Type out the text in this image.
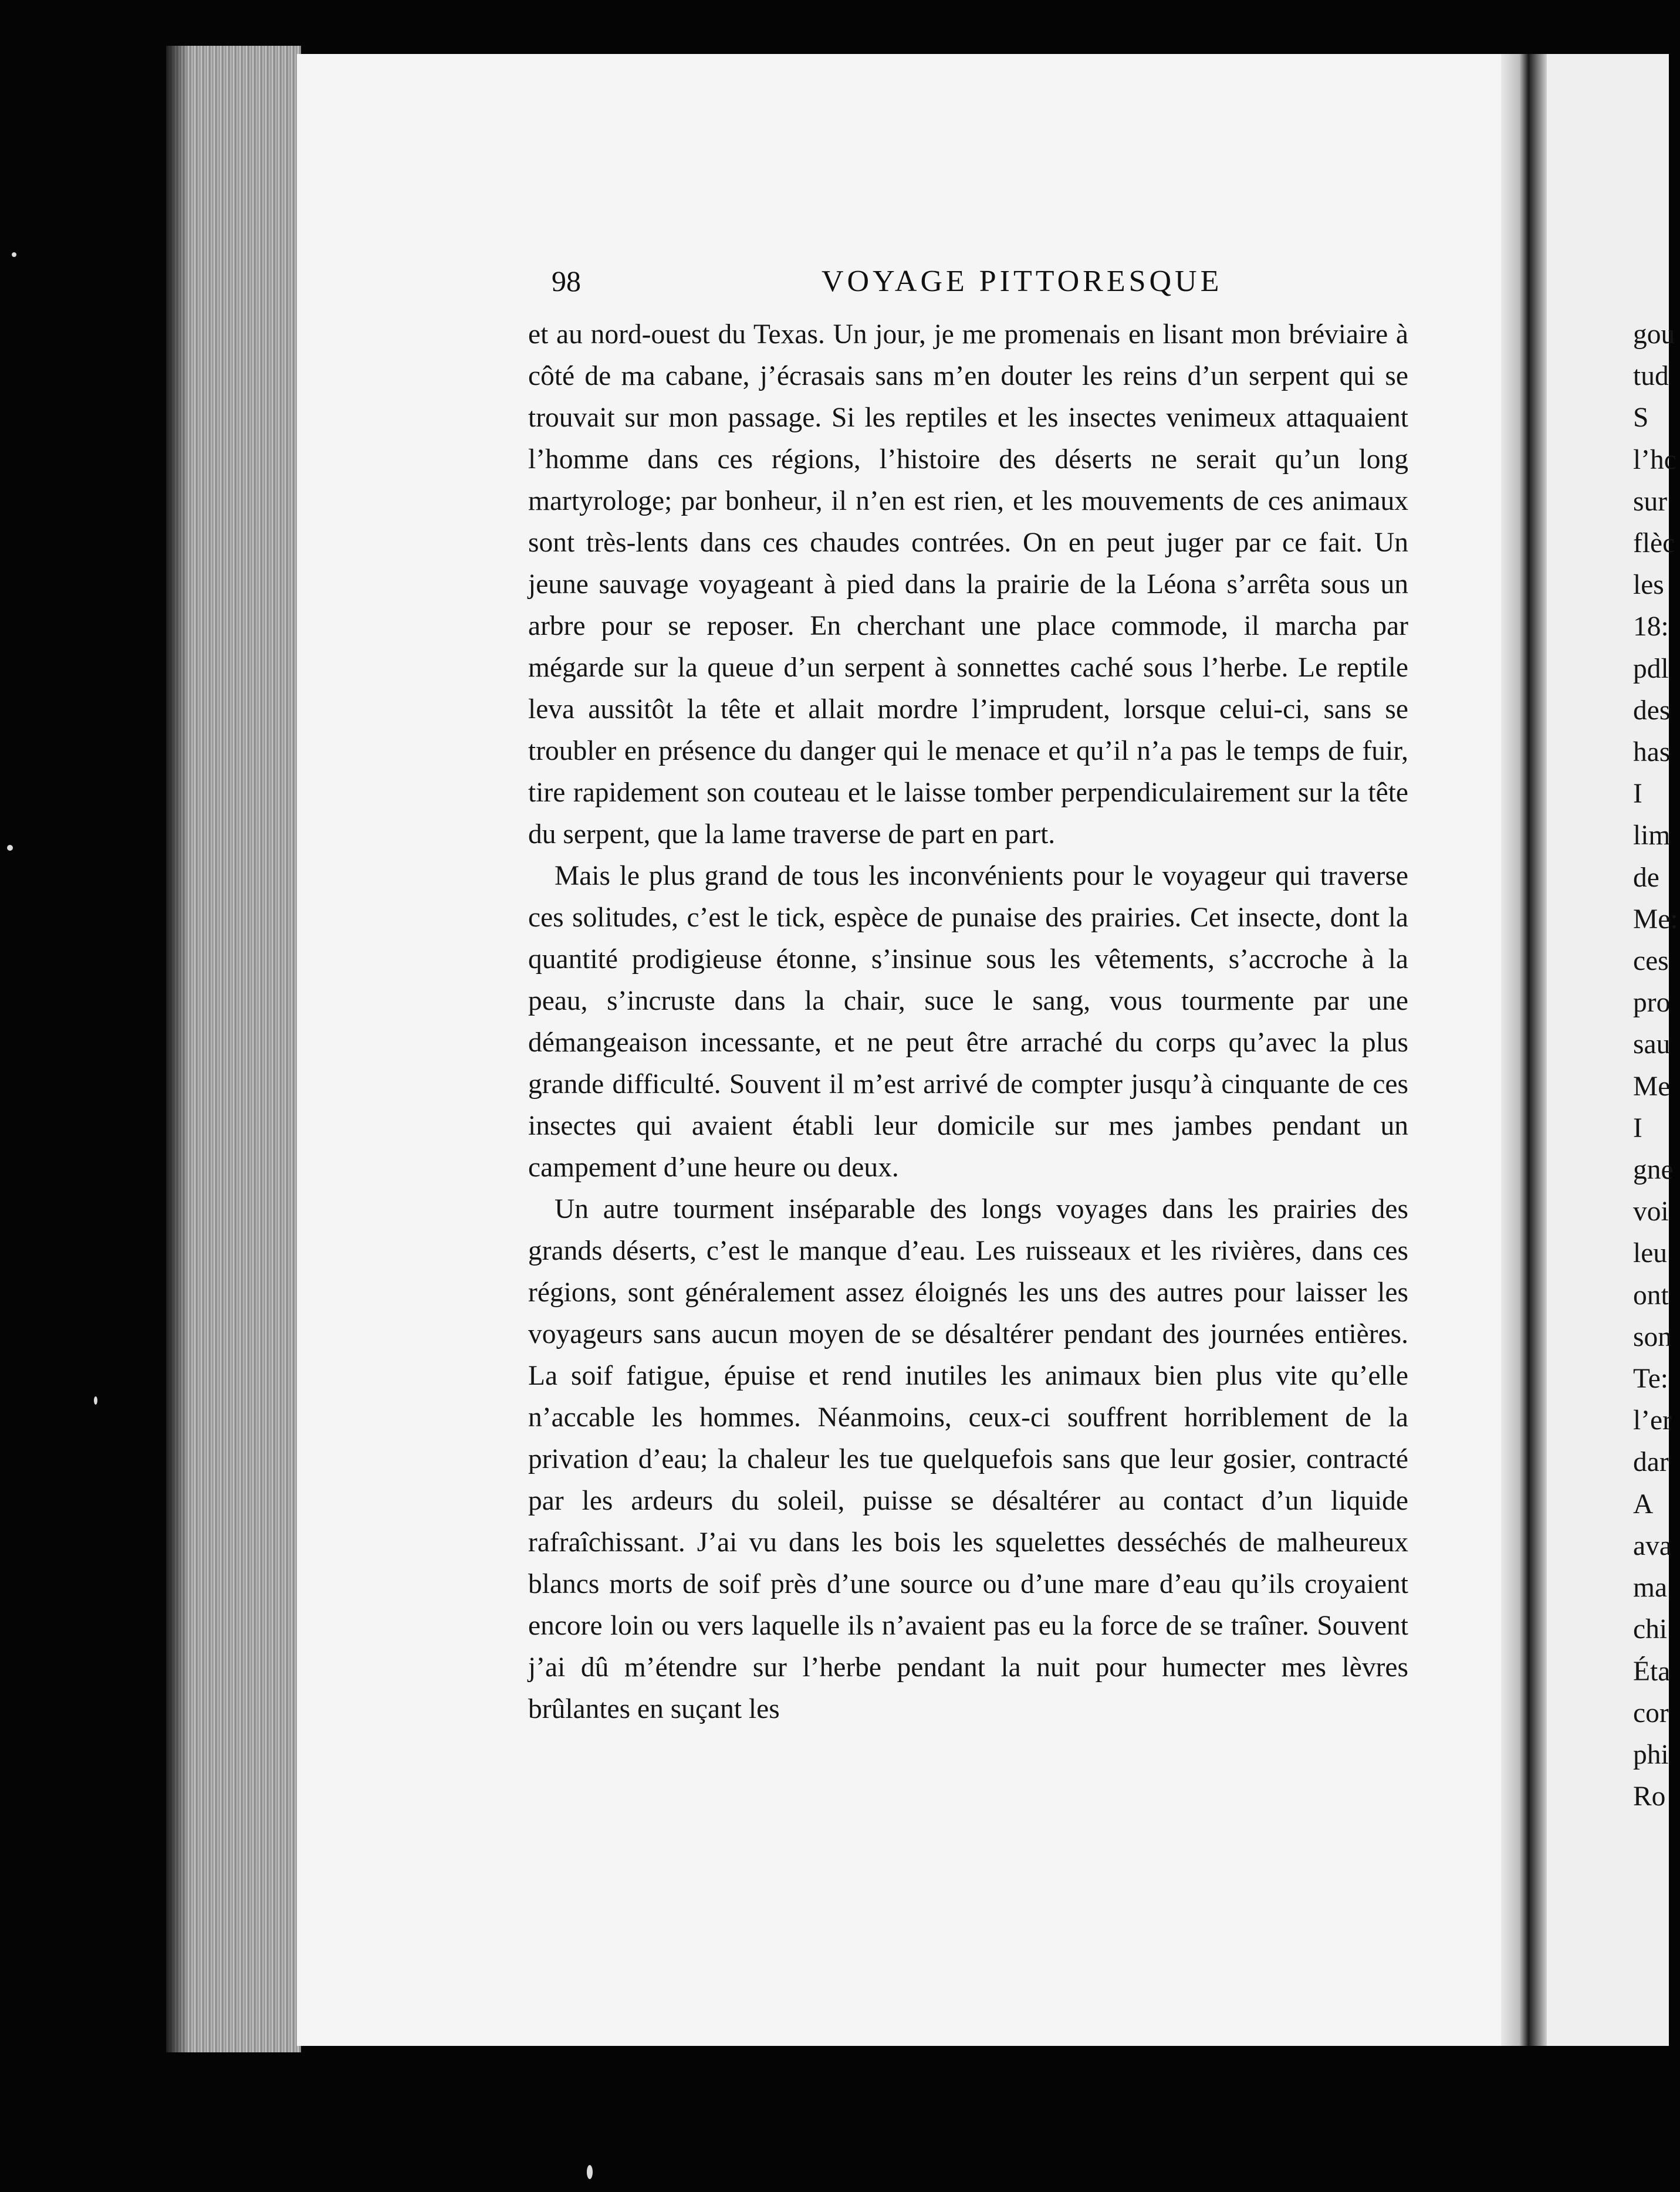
98	VOYAGE PITTORESQUE

et au nord-ouest du Texas. Un jour, je me promenais en lisant mon bréviaire à côté de ma cabane, j’écrasais sans m’en douter les reins d’un serpent qui se trouvait sur mon passage. Si les reptiles et les insectes venimeux attaquaient l’homme dans ces régions, l’histoire des déserts ne serait qu’un long martyrologe; par bonheur, il n’en est rien, et les mouvements de ces animaux sont très-lents dans ces chaudes contrées. On en peut juger par ce fait. Un jeune sauvage voyageant à pied dans la prairie de la Léona s’arrêta sous un arbre pour se reposer. En cherchant une place commode, il marcha par mégarde sur la queue d’un serpent à sonnettes caché sous l’herbe. Le reptile leva aussitôt la tête et allait mordre l’imprudent, lorsque celui-ci, sans se troubler en présence du danger qui le menace et qu’il n’a pas le temps de fuir, tire rapidement son couteau et le laisse tomber perpendiculairement sur la tête du serpent, que la lame traverse de part en part.

Mais le plus grand de tous les inconvénients pour le voyageur qui traverse ces solitudes, c’est le tick, espèce de punaise des prairies. Cet insecte, dont la quantité prodigieuse étonne, s’insinue sous les vêtements, s’accroche à la peau, s’incruste dans la chair, suce le sang, vous tourmente par une démangeaison incessante, et ne peut être arraché du corps qu’avec la plus grande difficulté. Souvent il m’est arrivé de compter jusqu’à cinquante de ces insectes qui avaient établi leur domicile sur mes jambes pendant un campement d’une heure ou deux.

Un autre tourment inséparable des longs voyages dans les prairies des grands déserts, c’est le manque d’eau. Les ruisseaux et les rivières, dans ces régions, sont généralement assez éloignés les uns des autres pour laisser les voyageurs sans aucun moyen de se désaltérer pendant des journées entières. La soif fatigue, épuise et rend inutiles les animaux bien plus vite qu’elle n’accable les hommes. Néanmoins, ceux-ci souffrent horriblement de la privation d’eau; la chaleur les tue quelquefois sans que leur gosier, contracté par les ardeurs du soleil, puisse se désaltérer au contact d’un liquide rafraîchissant. J’ai vu dans les bois les squelettes desséchés de malheureux blancs morts de soif près d’une source ou d’une mare d’eau qu’ils croyaient encore loin ou vers laquelle ils n’avaient pas eu la force de se traîner. Souvent j’ai dû m’étendre sur l’herbe pendant la nuit pour humecter mes lèvres brûlantes en suçant les

gou
tud
S
l’hc
sur
flèc
les
18:
pdl
des
has
I
lim
de
Me:
ces
pro
sau
Me
I
gne
voi
leu
ont
son
Te:
l’er
dar
A
ava
ma
chi
Éta
cor
phi
Ro
